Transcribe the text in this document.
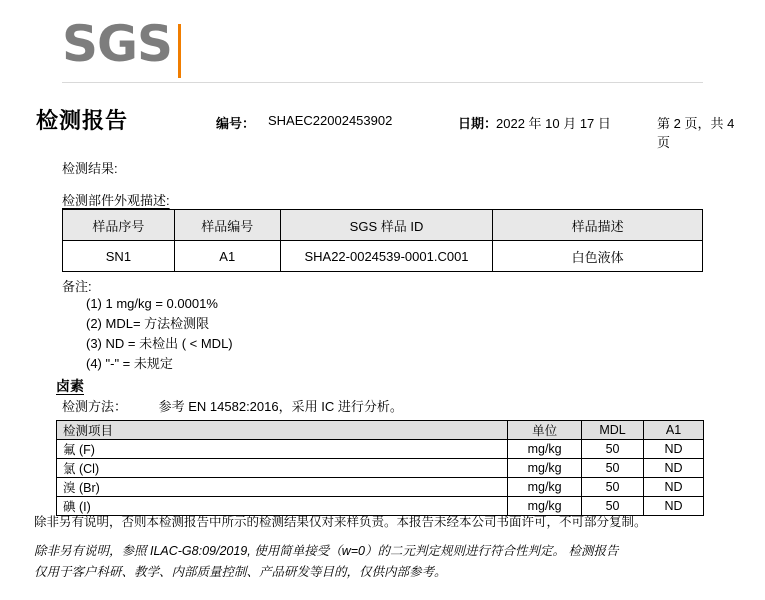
SGS
检测报告	编号： SHAEC22002453902	日期：
2022 年 10 月 17 日	第 2 页，共 4 页
检测结果:
检测部件外观描述:
样品序号	样品编号	SGS 样品 ID	样品描述
SN1	A1	SHA22-0024539-0001.C001	白色液体
备注:
(1) 1 mg/kg = 0.0001%
(2) MDL= 方法检测限
(3) ND = 未检出 ( < MDL)
(4) "-" = 未规定
卤素
检测方法： 参考 EN 14582:2016，采用 IC 进行分析。
检测项目	单位	MDL	A1
氟 (F)	mg/kg	50	ND
氯 (Cl)	mg/kg	50	ND
溴 (Br)	mg/kg	50	ND
碘 (I)	mg/kg	50	ND

除非另有说明，否则本检测报告中所示的检测结果仅对来样负责。本报告未经本公司书面许可，不可部分复制。

除非另有说明，参照 ILAC-G8:09/2019, 使用简单接受（w=0）的二元判定规则进行符合性判定。 检测报告

仅用于客户科研、教学、内部质量控制、产品研发等目的，仅供内部参考。
